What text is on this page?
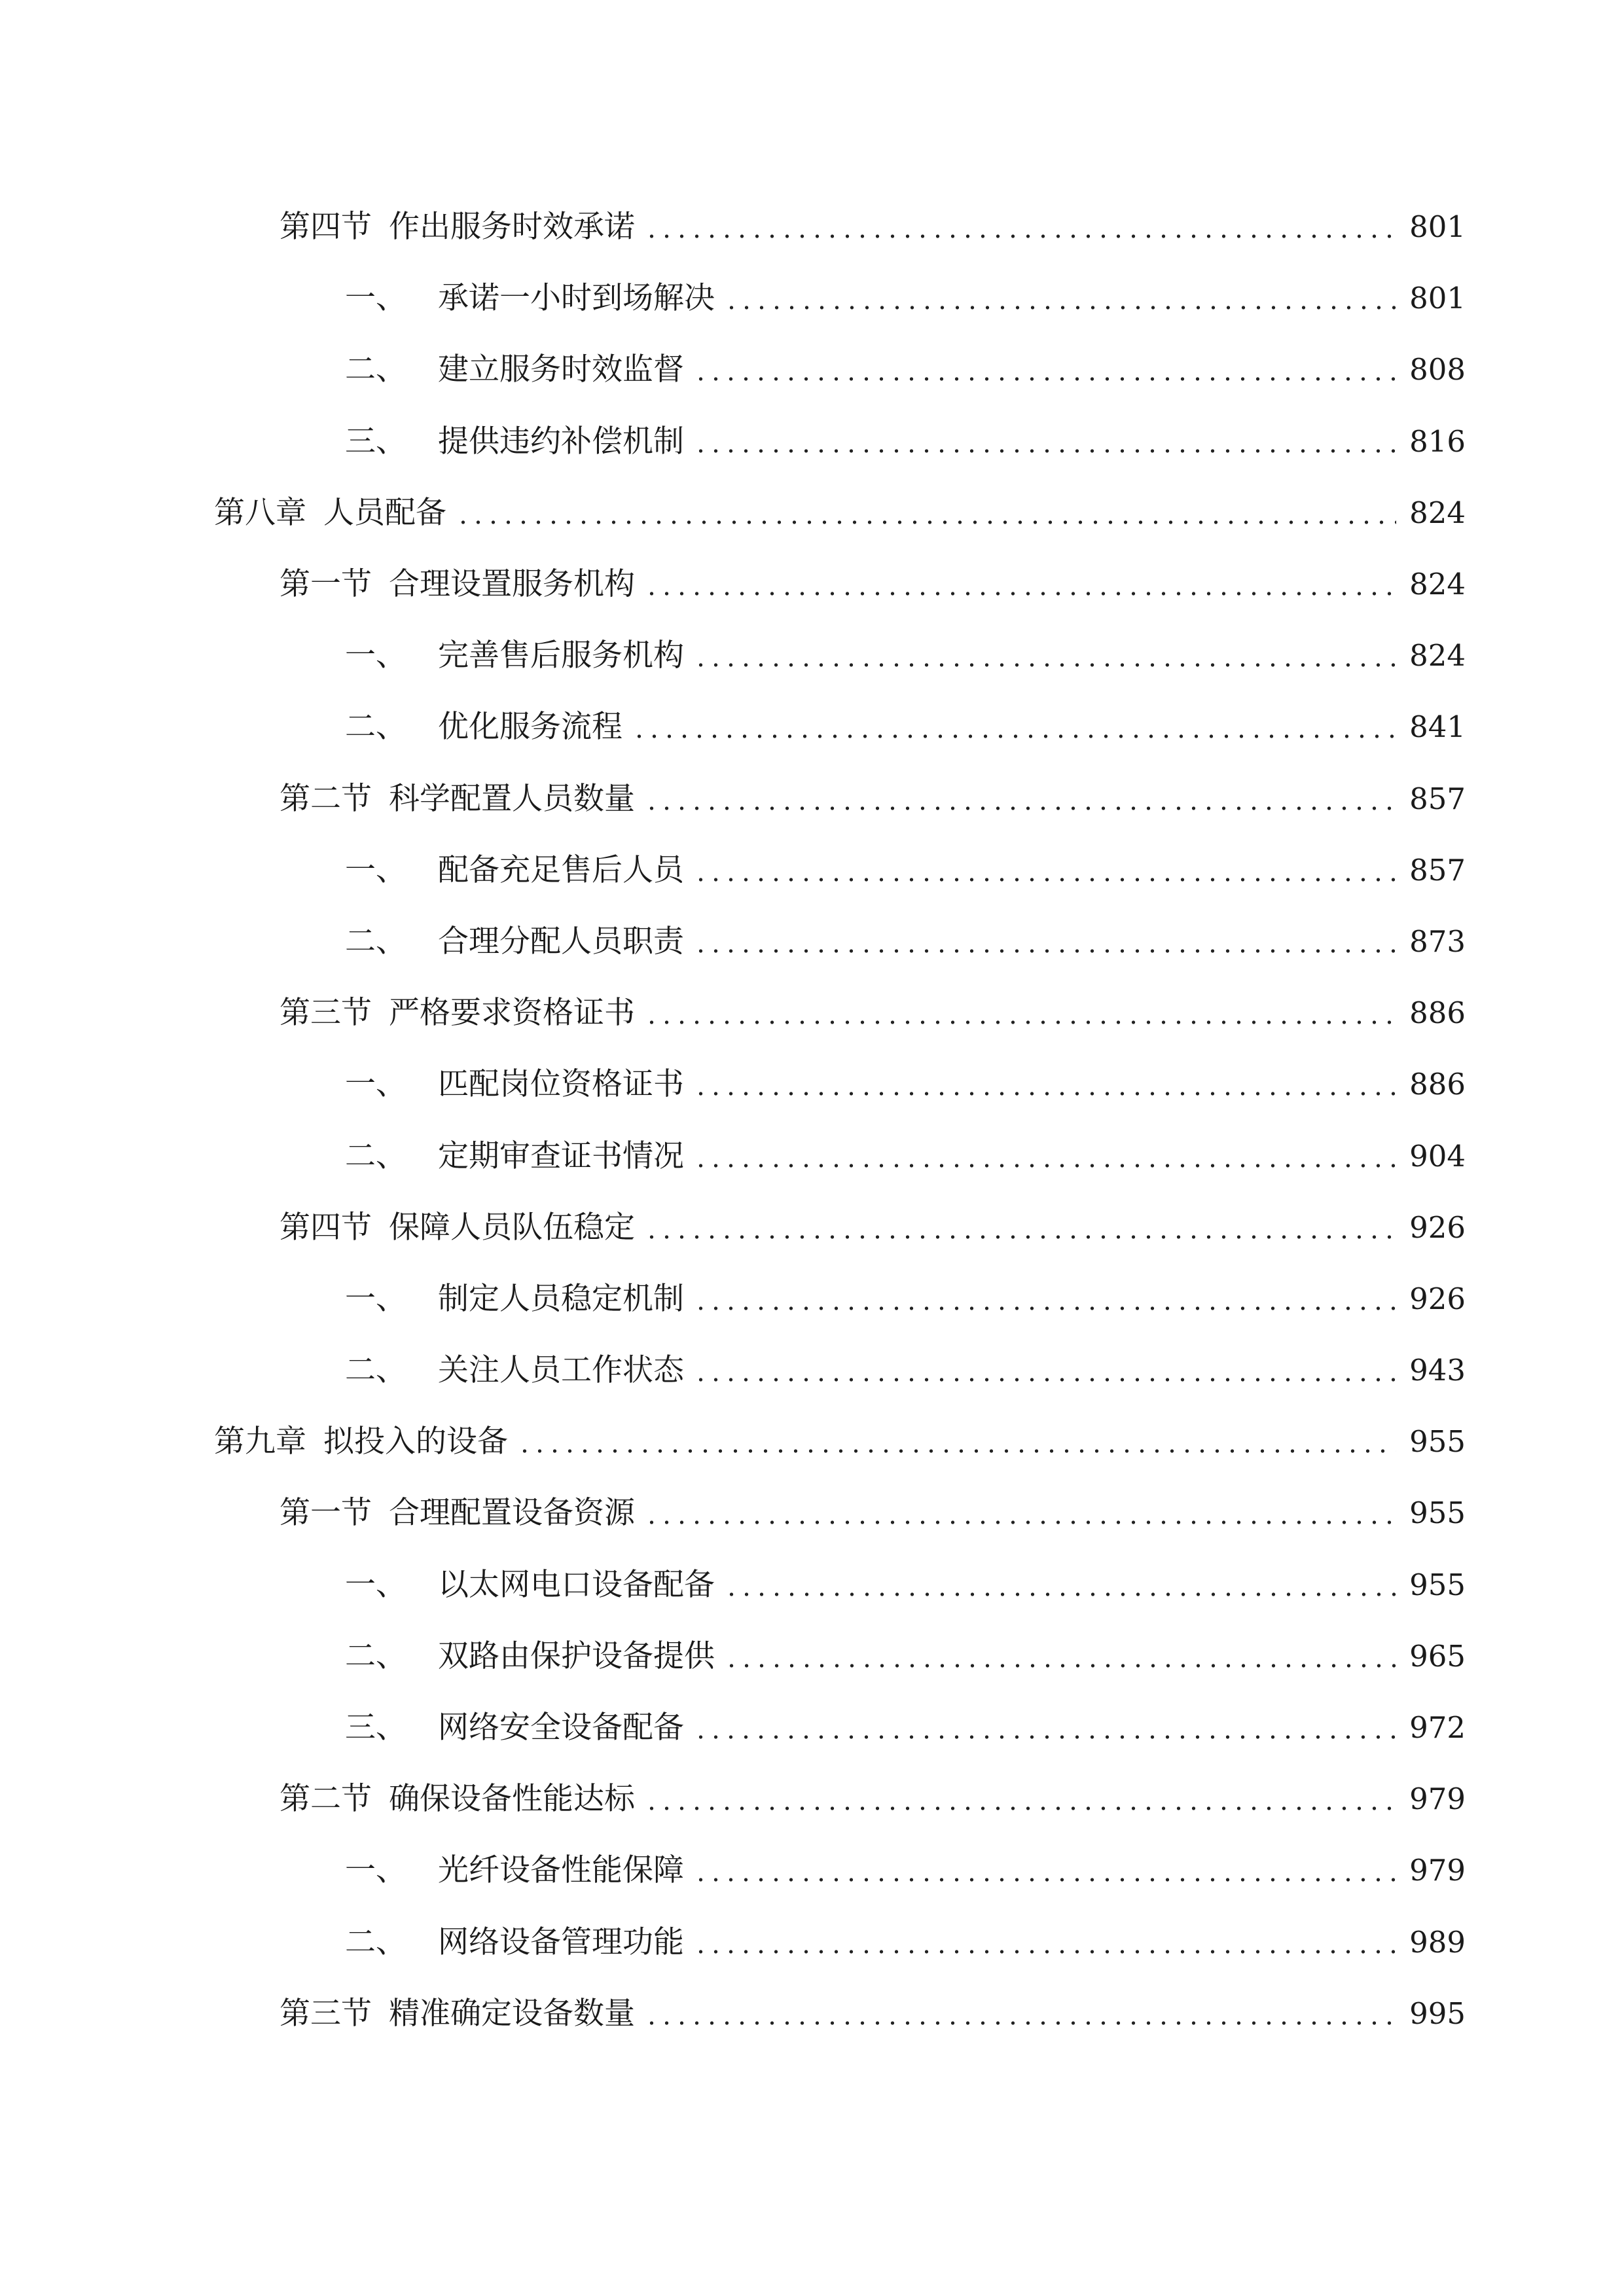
第四节 作出服务时效承诺	801
一、 承诺一小时到场解决	801
二、 建立服务时效监督	808
三、 提供违约补偿机制	816
第八章 人员配备	824
第一节 合理设置服务机构	824
一、 完善售后服务机构	824
二、 优化服务流程	841
第二节 科学配置人员数量	857
一、 配备充足售后人员	857
二、 合理分配人员职责	873
第三节 严格要求资格证书	886
一、 匹配岗位资格证书	886
二、 定期审查证书情况	904
第四节 保障人员队伍稳定	926
一、 制定人员稳定机制	926
二、 关注人员工作状态	943
第九章 拟投入的设备	955
第一节 合理配置设备资源	955
一、 以太网电口设备配备	955
二、 双路由保护设备提供	965
三、 网络安全设备配备	972
第二节 确保设备性能达标	979
一、 光纤设备性能保障	979
二、 网络设备管理功能	989
第三节 精准确定设备数量	995
